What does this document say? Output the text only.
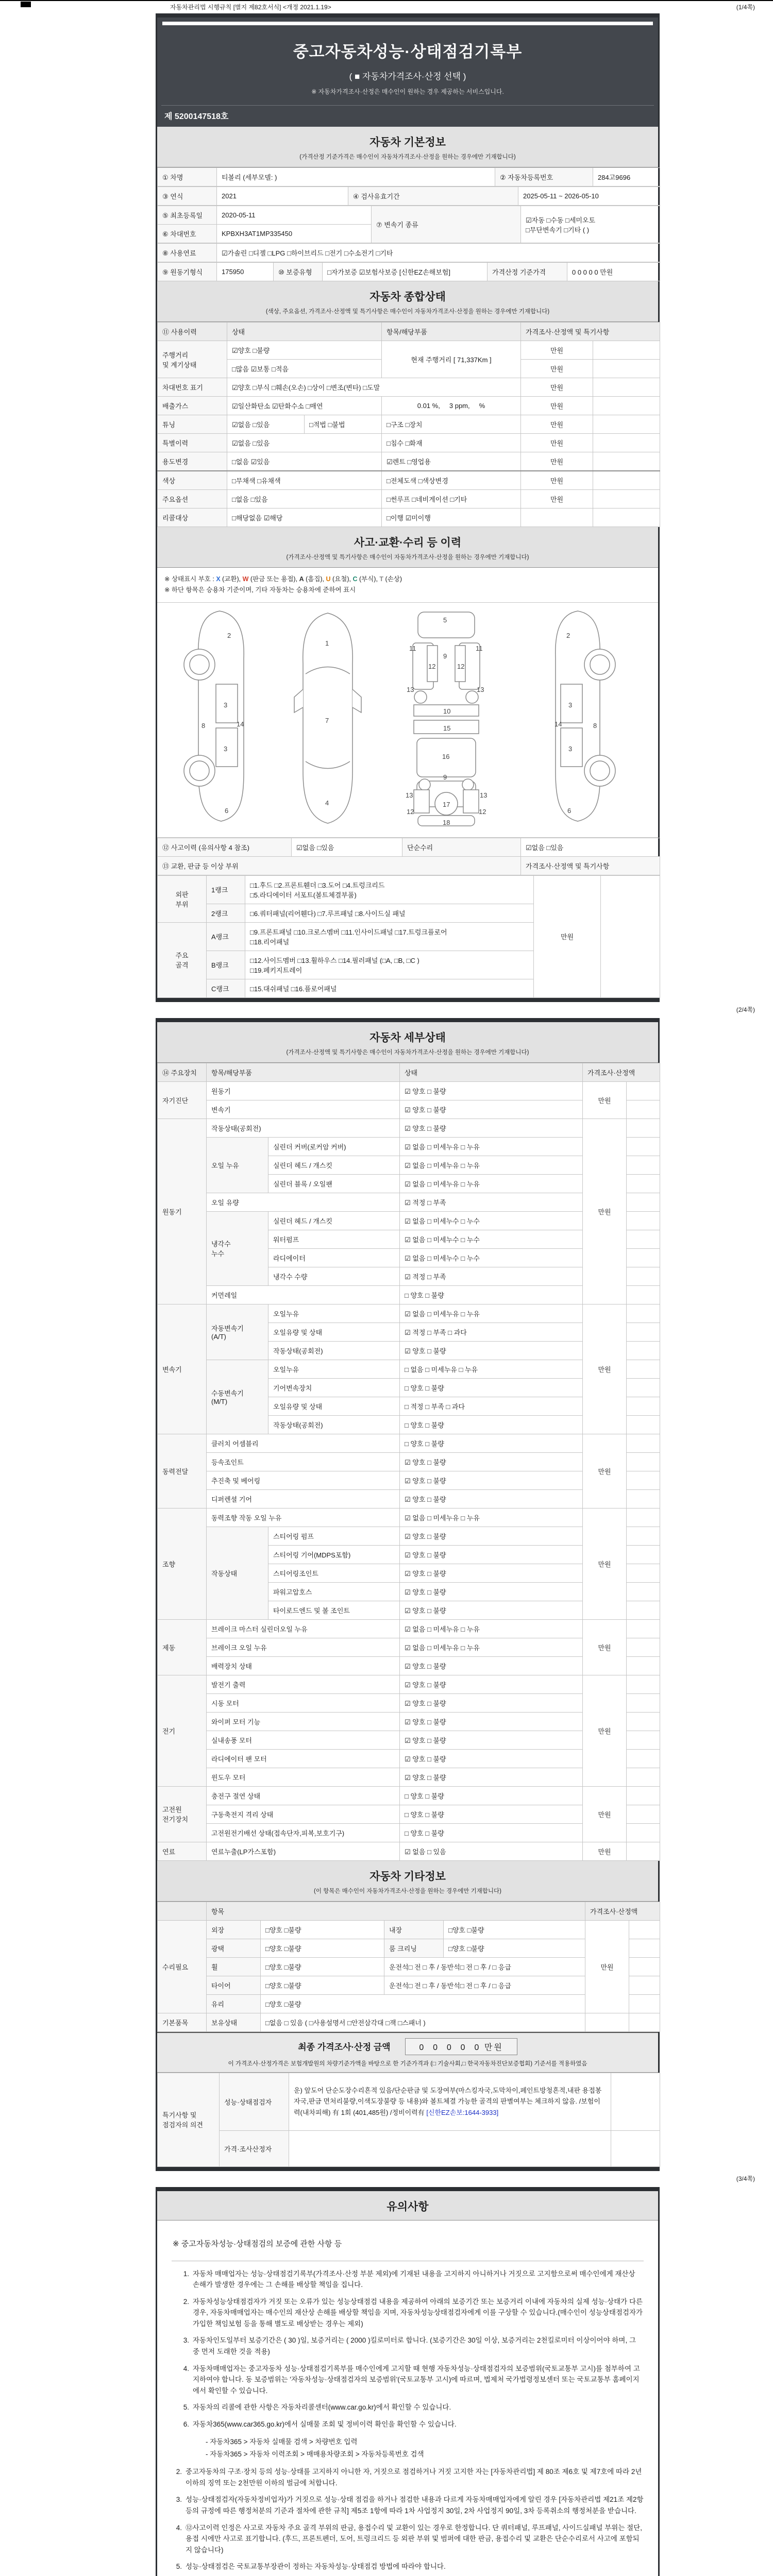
자동차관리법 시행규칙 [별지 제82호서식] <개정 2021.1.19>	(1/4쪽)
중고자동차성능·상태점검기록부
( ■ 자동차가격조사·산정 선택 )
※ 자동차가격조사·산정은 매수인이 원하는 경우 제공하는 서비스입니다.
제 5200147518호
자동차 기본정보
(가격산정 기준가격은 매수인이 자동차가격조사·산정을 원하는 경우에만 기재합니다)
① 차명	티볼리 (세부모델: )	② 자동차등록번호	284고9696
③ 연식	2021	④ 검사유효기간	2025-05-11 ~ 2026-05-10
⑤ 최초등록일	2020-05-11	⑦ 변속기 종류	☑자동 □수동 □세미오토
□무단변속기 □기타 ( )
⑥ 차대번호	KPBXH3AT1MP335450		
⑧ 사용연료	☑가솔린 □디젤 □LPG □하이브리드 □전기 □수소전기 □기타
⑨ 원동기형식	175950	⑩ 보증유형	□자가보증 ☑보험사보증 [신한EZ손해보험]	가격산정 기준가격	0 0 0 0 0 만원
자동차 종합상태
(색상, 주요옵션, 가격조사·산정액 및 특기사항은 매수인이 자동차가격조사·산정을 원하는 경우에만 기재합니다)
⑪ 사용이력	상태		항목/해당부품	가격조사·산정액 및 특기사항	
주행거리
및 계기상태	☑양호 □불량		현재 주행거리 [ 71,337Km ]	만원	
	□많음 ☑보통 □적음			만원	
차대번호 표기	☑양호 □부식 □훼손(오손) □상이 □변조(변타) □도말			만원	
배출가스	☑일산화탄소 ☑탄화수소 □매연		0.01 %,     3 ppm,     %	만원	
튜닝	☑없음 □있음	□적법 □불법	□구조 □장치	만원	
특별이력	☑없음 □있음		□침수 □화재	만원	
용도변경	□없음 ☑있음		☑렌트 □영업용	만원	
색상	□무채색 □유채색		□전체도색 □색상변경	만원	
주요옵션	□없음 □있음		□썬루프 □네비게이션 □기타	만원	
리콜대상	□해당없음 ☑해당		□이행 ☑미이행		
사고·교환·수리 등 이력
(가격조사·산정액 및 특기사항은 매수인이 자동차가격조사·산정을 원하는 경우에만 기재합니다)
※ 상태표시 부호 : X (교환), W (판금 또는 용접), A (흠집), U (요철), C (부식), T (손상)
※ 하단 항목은 승용차 기준이며, 기타 자동차는 승용차에 준하여 표시
2
8
3
14
3
6
1
7
4
5
11	11
9
12	12
13	13
10
15
16
9
13	13
12	12
17
18
2
8
3
14
3
6
⑫ 사고이력 (유의사항 4 참조)	☑없음 □있음	단순수리	☑없음 □있음
⑬ 교환, 판금 등 이상 부위			가격조사·산정액 및 특기사항
외판
부위	1랭크	□1.후드 □2.프론트휀더 □3.도어 □4.트렁크리드
□5.라디에이터 서포트(볼트체결부품)	만원	
	2랭크	□6.쿼터패널(리어휀다) □7.루프패널 □8.사이드실 패널		
주요
골격	A랭크	□9.프론트패널 □10.크로스멤버 □11.인사이드패널 □17.트렁크플로어
□18.리어패널		
	B랭크	□12.사이드멤버 □13.휠하우스 □14.필러패널 (□A, □B, □C )
□19.페키지트레이		
	C랭크	□15.대쉬패널 □16.플로어패널		
(2/4쪽)
자동차 세부상태
(가격조사·산정액 및 특기사항은 매수인이 자동차가격조사·산정을 원하는 경우에만 기재합니다)
⑭ 주요장치	항목/해당부품		상태	가격조사·산정액	
자기진단	원동기		☑ 양호 □ 불량	만원	
	변속기		☑ 양호 □ 불량		
원동기	작동상태(공회전)		☑ 양호 □ 불량	만원	
	오일 누유	실린더 커버(로커암 커버)	☑ 없음 □ 미세누유 □ 누유		
		실린더 헤드 / 개스킷	☑ 없음 □ 미세누유 □ 누유		
		실린더 블록 / 오일팬	☑ 없음 □ 미세누유 □ 누유		
	오일 유량		☑ 적정 □ 부족		
	냉각수
누수	실린더 헤드 / 개스킷	☑ 없음 □ 미세누수 □ 누수		
		워터펌프	☑ 없음 □ 미세누수 □ 누수		
		라디에이터	☑ 없음 □ 미세누수 □ 누수		
		냉각수 수량	☑ 적정 □ 부족		
	커먼레일		□ 양호 □ 불량		
변속기	자동변속기
(A/T)	오일누유	☑ 없음 □ 미세누유 □ 누유	만원	
		오일유량 및 상태	☑ 적정 □ 부족 □ 과다		
		작동상태(공회전)	☑ 양호 □ 불량		
	수동변속기
(M/T)	오일누유	□ 없음 □ 미세누유 □ 누유		
		기어변속장치	□ 양호 □ 불량		
		오일유량 및 상태	□ 적정 □ 부족 □ 과다		
		작동상태(공회전)	□ 양호 □ 불량		
동력전달	클러치 어셈블리		□ 양호 □ 불량	만원	
	등속조인트		☑ 양호 □ 불량		
	추진축 및 베어링		☑ 양호 □ 불량		
	디퍼렌셜 기어		☑ 양호 □ 불량		
조향	동력조향 작동 오일 누유		☑ 없음 □ 미세누유 □ 누유	만원	
	작동상태	스티어링 펌프	☑ 양호 □ 불량		
		스티어링 기어(MDPS포함)	☑ 양호 □ 불량		
		스티어링조인트	☑ 양호 □ 불량		
		파워고압호스	☑ 양호 □ 불량		
		타이로드엔드 및 볼 조인트	☑ 양호 □ 불량		
제동	브레이크 마스터 실린더오일 누유		☑ 없음 □ 미세누유 □ 누유	만원	
	브레이크 오일 누유		☑ 없음 □ 미세누유 □ 누유		
	배력장치 상태		☑ 양호 □ 불량		
전기	발전기 출력		☑ 양호 □ 불량	만원	
	시동 모터		☑ 양호 □ 불량		
	와이퍼 모터 기능		☑ 양호 □ 불량		
	실내송풍 모터		☑ 양호 □ 불량		
	라디에이터 팬 모터		☑ 양호 □ 불량		
	윈도우 모터		☑ 양호 □ 불량		
고전원
전기장치	충전구 절연 상태		□ 양호 □ 불량	만원	
	구동축전지 격리 상태		□ 양호 □ 불량		
	고전원전기배선 상태(접속단자,피복,보호기구)		□ 양호 □ 불량		
연료	연료누출(LP가스포함)		☑ 없음 □ 있음	만원	
자동차 기타정보
(이 항목은 매수인이 자동차가격조사·산정을 원하는 경우에만 기재합니다)
	항목				가격조사·산정액	
수리필요	외장	□양호 □불량	내장	□양호 □불량	만원	
	광택	□양호 □불량	룸 크리닝	□양호 □불량		
	휠	□양호 □불량	운전석□ 전 □ 후 / 동반석□ 전 □ 후 / □ 응급			
	타이어	□양호 □불량	운전석□ 전 □ 후 / 동반석□ 전 □ 후 / □ 응급			
	유리	□양호 □불량				
기본품목	보유상태	□없음 □ 있음 ( □사용설명서 □안전삼각대 □잭 □스패너 )				
최종 가격조사·산정 금액	0  0  0  0  0 만원
이 가격조사·산정가격은 보험개발원의 차량기준가액을 바탕으로 한 기준가격과 (□ 기술사회,□ 한국자동차진단보증협회) 기준서를 적용하였음
특기사항 및
점검자의 의견	성능·상태점검자	운) 앞도어 단순도장수리흔적 있음/단순판금 및 도장여부(마스킹자국,도막차이,페인트방청흔적,내판 용접봉자국,판금 면처리불량,이색도장불량 등 내용)와 볼트체결 가능한 골격의 판별여부는 체크하지 않음. /보험이력(내차피해) 有 1회 (401,485원) /정비이력有 [신한EZ손보:1644-3933]	
	가격·조사산정자		
(3/4쪽)
유의사항
※ 중고자동차성능·상태점검의 보증에 관한 사항 등
1. 자동차 매매업자는 성능·상태점검기록부(가격조사·산정 부분 제외)에 기재된 내용을 고지하지 아니하거나 거짓으로 고지함으로써 매수인에게 재산상 손해가 발생한 경우에는 그 손해를 배상할 책임을 집니다.
2. 자동차성능상태점검자가 거짓 또는 오류가 있는 성능상태점검 내용을 제공하여 아래의 보증기간 또는 보증거리 이내에 자동차의 실제 성능·상태가 다른 경우, 자동차매매업자는 매수인의 재산상 손해를 배상할 책임을 지며, 자동차성능상태점검자에게 이를 구상할 수 있습니다.(매수인이 성능상태점검자가 가입한 책임보험 등을 통해 별도로 배상받는 경우는 제외)
3. 자동차인도일부터 보증기간은 ( 30 )일, 보증거리는 ( 2000 )킬로미터로 합니다. (보증기간은 30일 이상, 보증거리는 2천킬로미터 이상이어야 하며, 그 중 먼저 도래한 것을 적용)
4. 자동차매매업자는 중고자동차 성능·상태점검기록부를 매수인에게 고지할 때 현행 자동차성능·상태점검자의 보증범위(국토교통부 고시)를 첨부하여 고지하여야 합니다. 동 보증범위는 '자동차성능·상태점검자의 보증범위'(국토교통부 고시)에 따르며, 법제처 국가법령정보센터 또는 국토교통부 홈페이지에서 확인할 수 있습니다.
5. 자동차의 리콜에 관한 사항은 자동차리콜센터(www.car.go.kr)에서 확인할 수 있습니다.
6. 자동차365(www.car365.go.kr)에서 실매물 조회 및 정비이력 확인을 확인할 수 있습니다.
- 자동차365 > 자동차 실매물 검색 > 차량번호 입력
- 자동차365 > 자동차 이력조회 > 매매용차량조회 > 자동차등록번호 검색
2. 중고자동차의 구조·장치 등의 성능·상태를 고지하지 아니한 자, 거짓으로 점검하거나 거짓 고지한 자는 [자동차관리법] 제 80조 제6호 및 제7호에 따라 2년 이하의 징역 또는 2천만원 이하의 벌금에 처합니다.
3. 성능·상태점검자(자동차정비업자)가 거짓으로 성능·상태 점검을 하거나 점검한 내용과 다르게 자동차매매업자에게 알린 경우 [자동차관리법 제21조 제2항 등의 규정에 따른 행정처분의 기준과 절차에 관한 규칙] 제5조 1항에 따라 1차 사업정지 30일, 2차 사업정지 90일, 3차 등록취소의 행정처분을 받습니다.
4. ⑫사고이력 인정은 사고로 자동차 주요 골격 부위의 판금, 용접수리 및 교환이 있는 경우로 한정합니다. 단 쿼터패널, 루프패널, 사이드실패널 부위는 절단, 용접 시에만 사고로 표기합니다. (후드, 프론트펜더, 도어, 트렁크리드 등 외판 부위 및 범퍼에 대한 판금, 용접수리 및 교환은 단순수리로서 사고에 포함되지 않습니다)
5. 성능·상태점검은 국토교통부장관이 정하는 자동차성능·상태점검 방법에 따라야 합니다.
